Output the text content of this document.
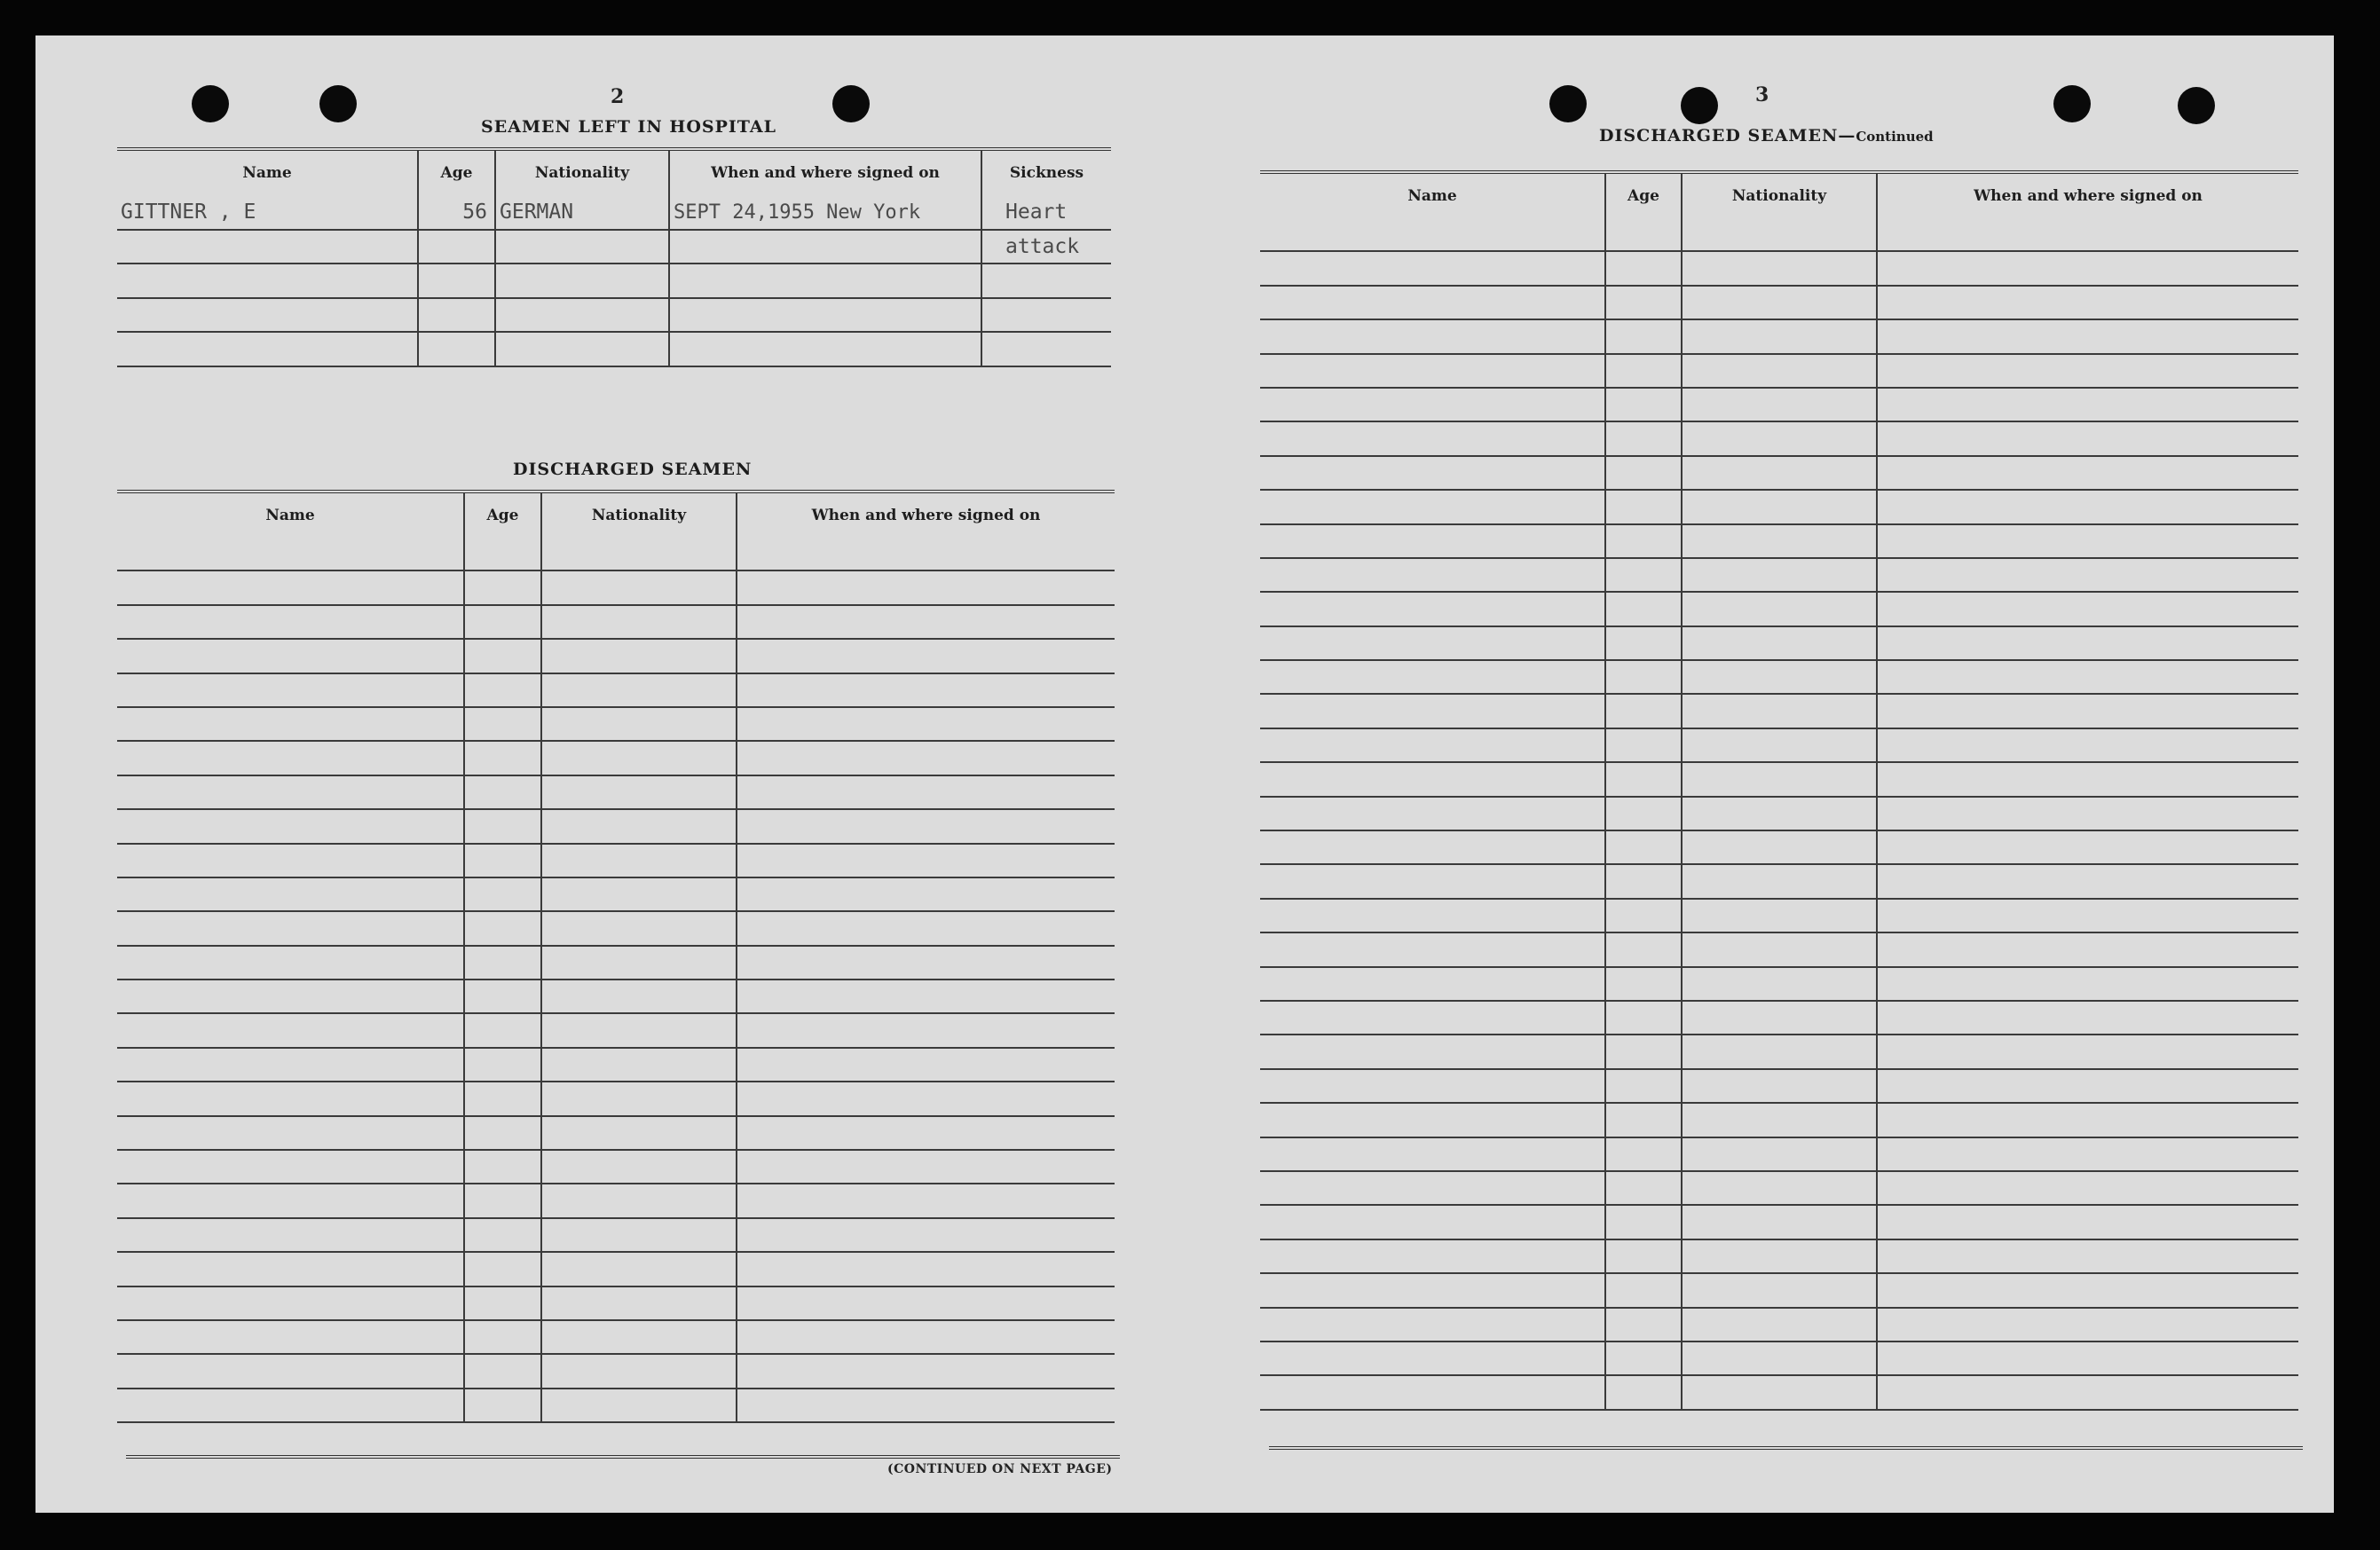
2
SEAMEN LEFT IN HOSPITAL
Name	Age	Nationality	When and where signed on	Sickness
GITTNER , E	56 GERMAN	SEPT 24,1955 New York	Heart
attack
DISCHARGED SEAMEN
Name	Age	Nationality	When and where signed on
(CONTINUED ON NEXT PAGE)
3
DISCHARGED SEAMEN—Continued
Name	Age	Nationality	When and where signed on
